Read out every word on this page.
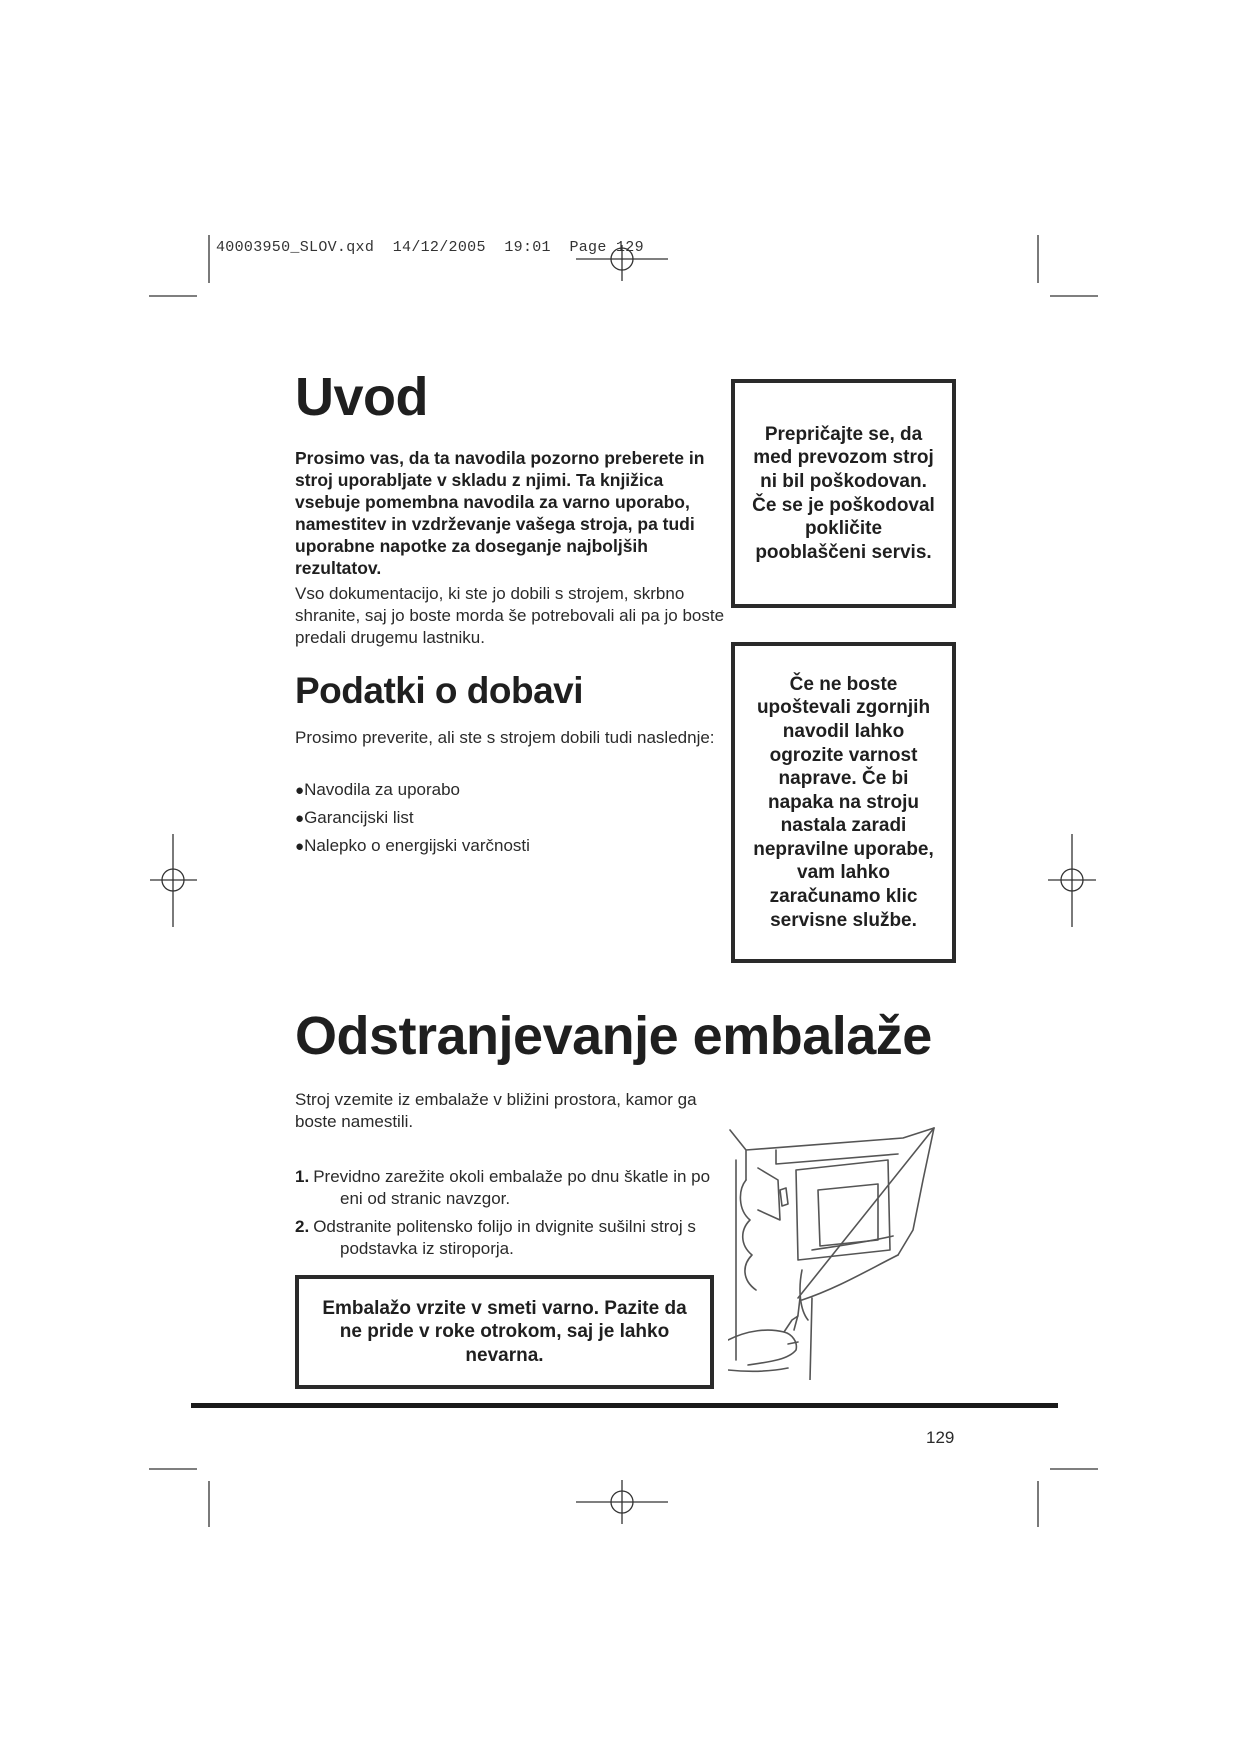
40003950_SLOV.qxd  14/12/2005  19:01  Page 129
Uvod
Prosimo vas, da ta navodila pozorno preberete in stroj uporabljate v skladu z njimi. Ta knjižica vsebuje pomembna navodila za varno uporabo, namestitev in vzdrževanje vašega stroja, pa tudi uporabne napotke za doseganje najboljših rezultatov.
Vso dokumentacijo, ki ste jo dobili s strojem, skrbno shranite, saj jo boste morda še potrebovali ali pa jo boste predali drugemu lastniku.
Podatki o dobavi
Prosimo preverite, ali ste s strojem dobili tudi naslednje:
●Navodila za uporabo
●Garancijski list
●Nalepko o energijski varčnosti
Prepričajte se, da med prevozom stroj ni bil poškodovan. Če se je poškodoval pokličite pooblaščeni servis.
Če ne boste upoštevali zgornjih navodil lahko ogrozite varnost naprave. Če bi napaka na stroju nastala zaradi nepravilne uporabe, vam lahko zaračunamo klic servisne službe.
Odstranjevanje embalaže
Stroj vzemite iz embalaže v bližini prostora, kamor ga boste namestili.
1. Previdno zarežite okoli embalaže po dnu škatle in po eni od stranic navzgor.
2. Odstranite politensko folijo in dvignite sušilni stroj s podstavka iz stiroporja.
Embalažo vrzite v smeti varno. Pazite da ne pride v roke otrokom, saj je lahko nevarna.
129
